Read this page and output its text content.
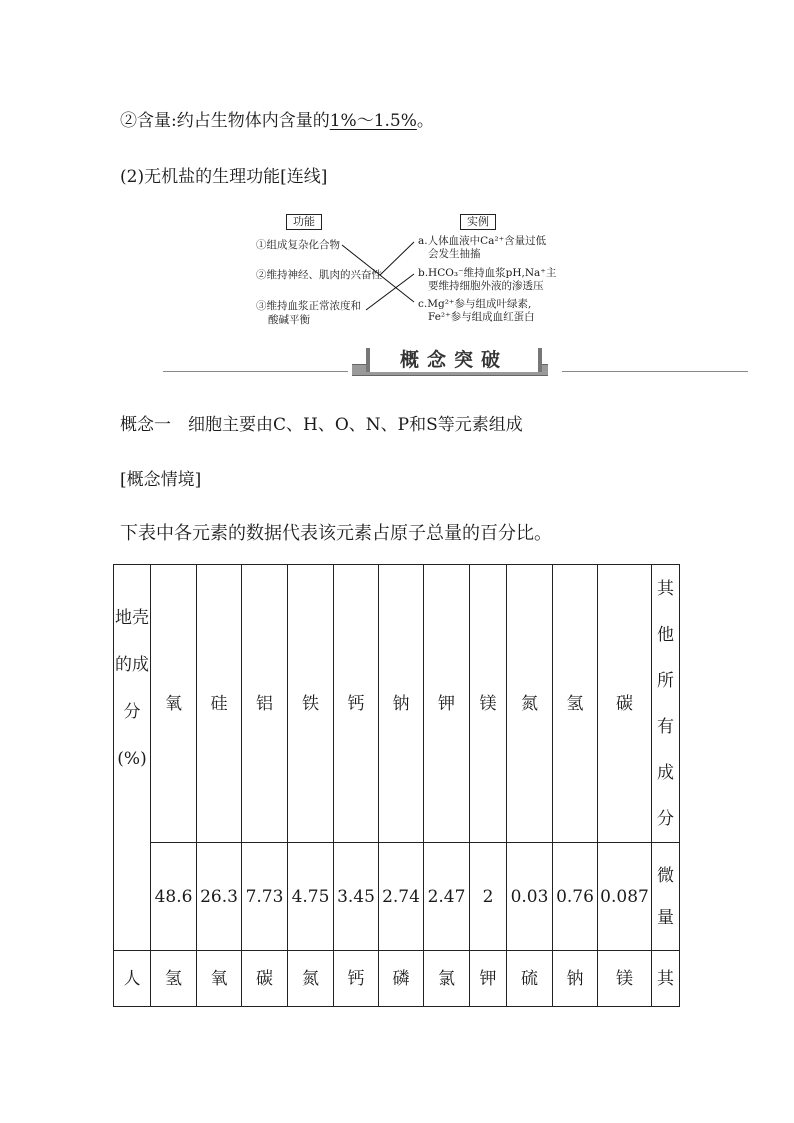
②含量:约占生物体内含量的1%～1.5%。
(2)无机盐的生理功能[连线]
功能	实例
①组成复杂化合物
②维持神经、肌肉的兴奋性
③维持血浆正常浓度和
酸碱平衡
a.人体血液中Ca²⁺含量过低
会发生抽搐
b.HCO₃⁻维持血浆pH,Na⁺主
要维持细胞外液的渗透压
c.Mg²⁺参与组成叶绿素,
Fe²⁺参与组成血红蛋白
概念突破
概念一　细胞主要由C、H、O、N、P和S等元素组成
[概念情境]
下表中各元素的数据代表该元素占原子总量的百分比。
地壳的成分(%)	氧	硅	铝	铁	钙	钠	钾	镁	氮	氢	碳	其他所有成分
	48.6	26.3	7.73	4.75	3.45	2.74	2.47	2	0.03	0.76	0.087	微量
人	氢	氧	碳	氮	钙	磷	氯	钾	硫	钠	镁	其
